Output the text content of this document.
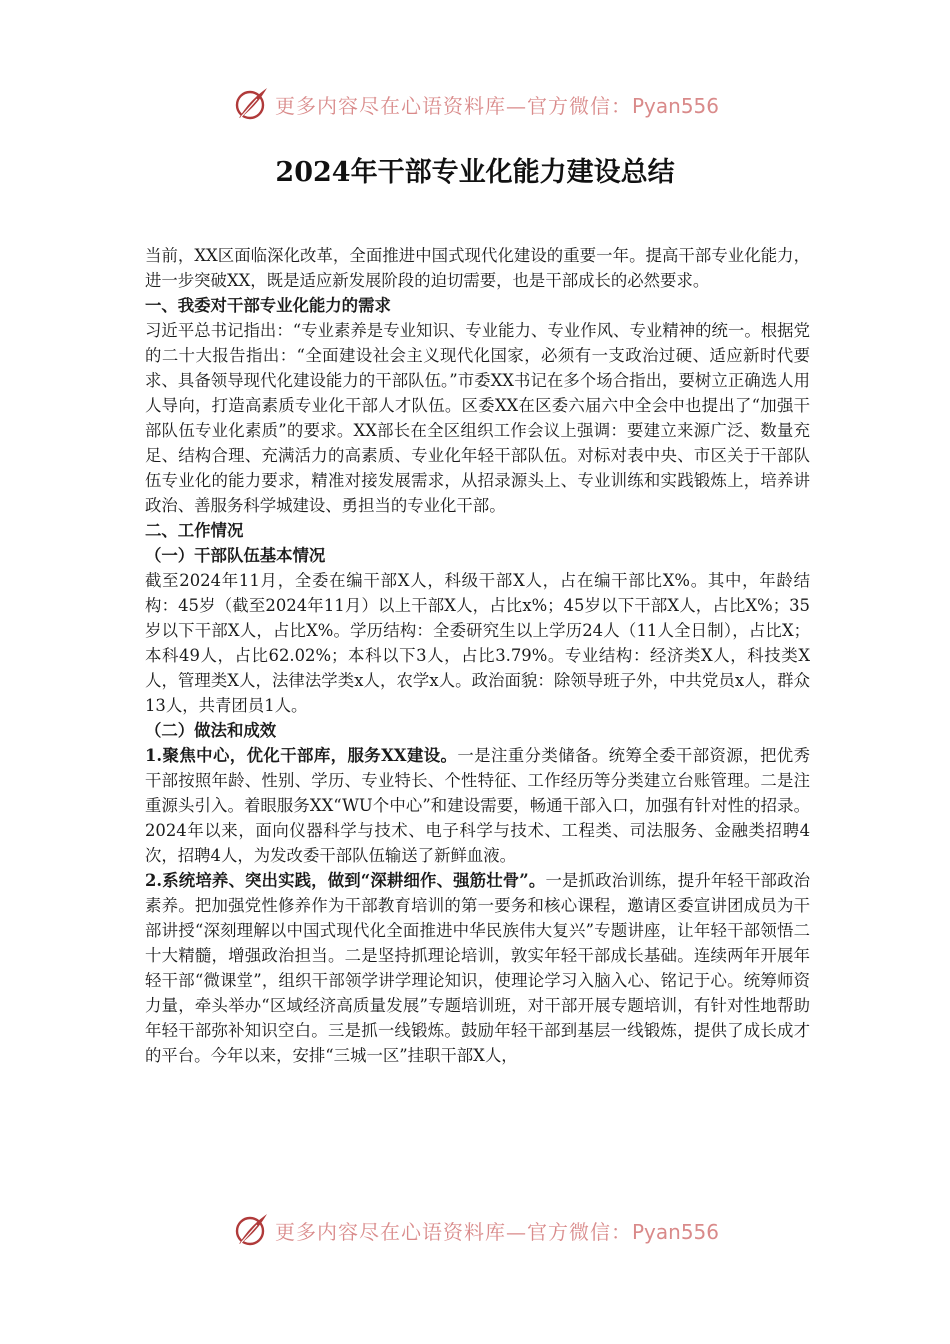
更多内容尽在心语资料库—官方微信：Pyan556
2024年干部专业化能力建设总结

当前，XX区面临深化改革，全面推进中国式现代化建设的重要一年。提高干部专业化能力，进一步突破XX，既是适应新发展阶段的迫切需要，也是干部成长的必然要求。

一、我委对干部专业化能力的需求

习近平总书记指出：“专业素养是专业知识、专业能力、专业作风、专业精神的统一。根据党的二十大报告指出：“全面建设社会主义现代化国家，必须有一支政治过硬、适应新时代要求、具备领导现代化建设能力的干部队伍。”市委XX书记在多个场合指出，要树立正确选人用人导向，打造高素质专业化干部人才队伍。区委XX在区委六届六中全会中也提出了“加强干部队伍专业化素质”的要求。XX部长在全区组织工作会议上强调：要建立来源广泛、数量充足、结构合理、充满活力的高素质、专业化年轻干部队伍。对标对表中央、市区关于干部队伍专业化的能力要求，精准对接发展需求，从招录源头上、专业训练和实践锻炼上，培养讲政治、善服务科学城建设、勇担当的专业化干部。

二、工作情况

（一）干部队伍基本情况

截至2024年11月，全委在编干部X人，科级干部X人，占在编干部比X%。其中，年龄结构：45岁（截至2024年11月）以上干部X人，占比x%；45岁以下干部X人，占比X%；35岁以下干部X人，占比X%。学历结构：全委研究生以上学历24人（11人全日制），占比X；本科49人，占比62.02%；本科以下3人，占比3.79%。专业结构：经济类X人，科技类X人，管理类X人，法律法学类x人，农学x人。政治面貌：除领导班子外，中共党员x人，群众13人，共青团员1人。

（二）做法和成效

1.聚焦中心，优化干部库，服务XX建设。一是注重分类储备。统筹全委干部资源，把优秀干部按照年龄、性别、学历、专业特长、个性特征、工作经历等分类建立台账管理。二是注重源头引入。着眼服务XX“WU个中心”和建设需要，畅通干部入口，加强有针对性的招录。2024年以来，面向仪器科学与技术、电子科学与技术、工程类、司法服务、金融类招聘4次，招聘4人，为发改委干部队伍输送了新鲜血液。

2.系统培养、突出实践，做到“深耕细作、强筋壮骨”。一是抓政治训练，提升年轻干部政治素养。把加强党性修养作为干部教育培训的第一要务和核心课程，邀请区委宣讲团成员为干部讲授“深刻理解以中国式现代化全面推进中华民族伟大复兴”专题讲座，让年轻干部领悟二十大精髓，增强政治担当。二是坚持抓理论培训，敦实年轻干部成长基础。连续两年开展年轻干部“微课堂”，组织干部领学讲学理论知识，使理论学习入脑入心、铭记于心。统筹师资力量，牵头举办“区域经济高质量发展”专题培训班，对干部开展专题培训，有针对性地帮助年轻干部弥补知识空白。三是抓一线锻炼。鼓励年轻干部到基层一线锻炼，提供了成长成才的平台。今年以来，安排“三城一区”挂职干部X人，

更多内容尽在心语资料库—官方微信：Pyan556
